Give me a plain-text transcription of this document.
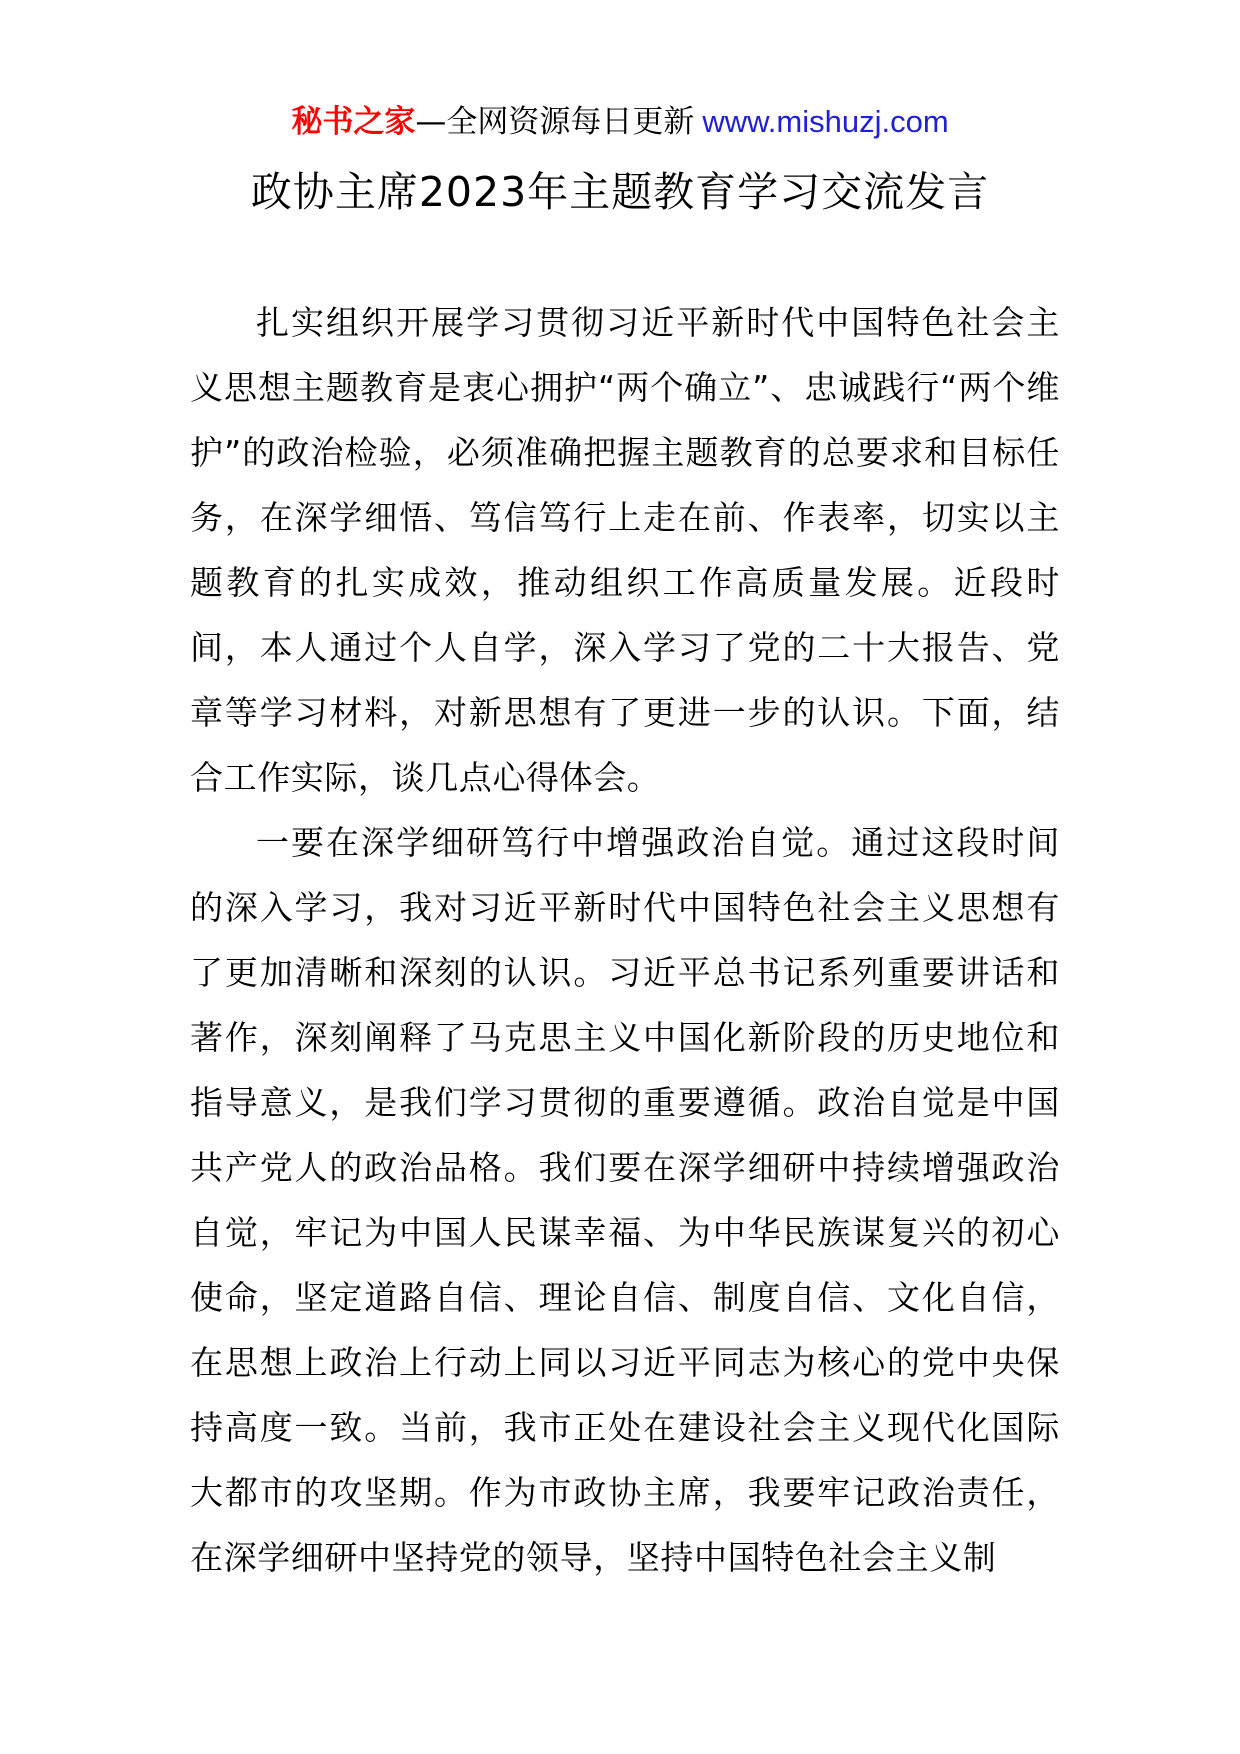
秘书之家—全网资源每日更新 www.mishuzj.com
政协主席2023年主题教育学习交流发言

扎实组织开展学习贯彻习近平新时代中国特色社会主义思想主题教育是衷心拥护“两个确立”、忠诚践行“两个维护”的政治检验，必须准确把握主题教育的总要求和目标任务，在深学细悟、笃信笃行上走在前、作表率，切实以主题教育的扎实成效，推动组织工作高质量发展。近段时间，本人通过个人自学，深入学习了党的二十大报告、党章等学习材料，对新思想有了更进一步的认识。下面，结合工作实际，谈几点心得体会。

一要在深学细研笃行中增强政治自觉。通过这段时间的深入学习，我对习近平新时代中国特色社会主义思想有了更加清晰和深刻的认识。习近平总书记系列重要讲话和著作，深刻阐释了马克思主义中国化新阶段的历史地位和指导意义，是我们学习贯彻的重要遵循。政治自觉是中国共产党人的政治品格。我们要在深学细研中持续增强政治自觉，牢记为中国人民谋幸福、为中华民族谋复兴的初心使命，坚定道路自信、理论自信、制度自信、文化自信，在思想上政治上行动上同以习近平同志为核心的党中央保持高度一致。当前，我市正处在建设社会主义现代化国际大都市的攻坚期。作为市政协主席，我要牢记政治责任，在深学细研中坚持党的领导，坚持中国特色社会主义制
